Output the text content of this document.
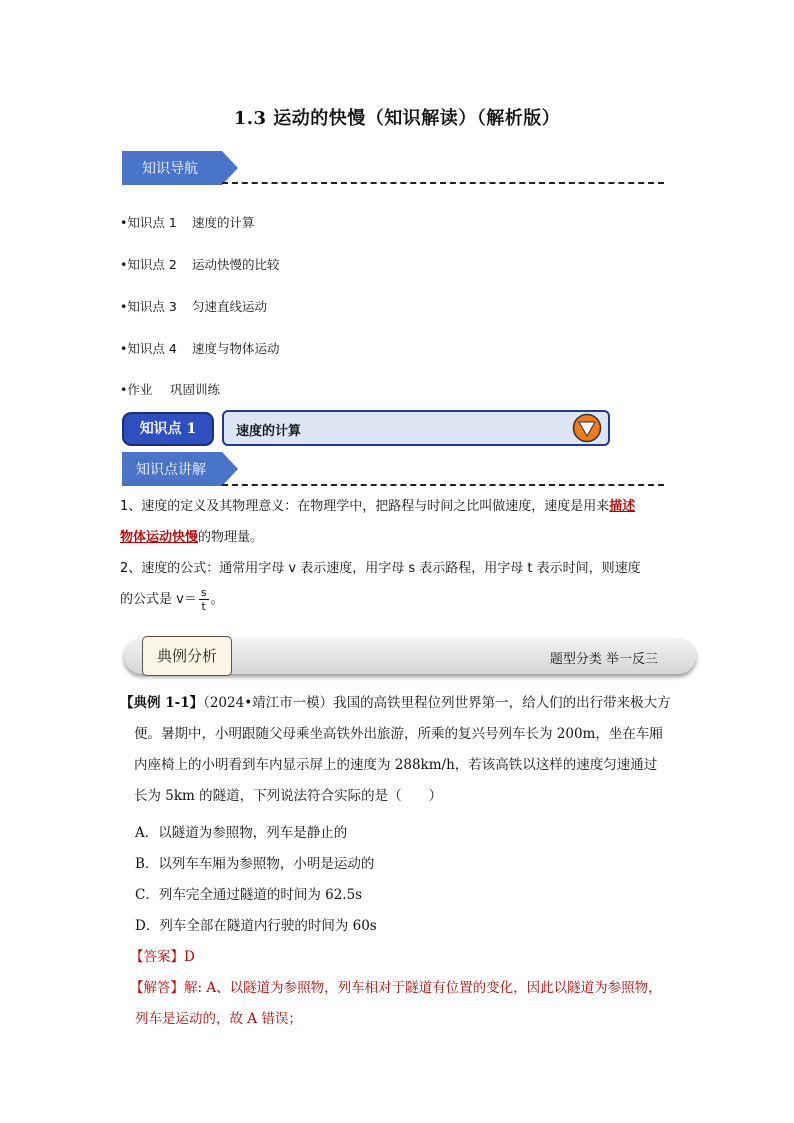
1.3 运动的快慢（知识解读）（解析版）
知识导航
•知识点 1 速度的计算
•知识点 2 运动快慢的比较
•知识点 3 匀速直线运动
•知识点 4 速度与物体运动
•作业 巩固训练
知识点 1	速度的计算
知识点讲解
1、速度的定义及其物理意义：在物理学中，把路程与时间之比叫做速度，速度是用来描述
物体运动快慢的物理量。
2、速度的公式：通常用字母 v 表示速度，用字母 s 表示路程，用字母 t 表示时间，则速度
的公式是 $v= \frac{s}{t}$ 。
典例分析	题型分类 举一反三
【典例 1-1】（2024•靖江市一模）我国的高铁里程位列世界第一，给人们的出行带来极大方
便。暑期中，小明跟随父母乘坐高铁外出旅游，所乘的复兴号列车长为 200m，坐在车厢
内座椅上的小明看到车内显示屏上的速度为 288km/h，若该高铁以这样的速度匀速通过
长为 5km 的隧道，下列说法符合实际的是（　　）
A．以隧道为参照物，列车是静止的
B．以列车车厢为参照物，小明是运动的
C．列车完全通过隧道的时间为 62.5s
D．列车全部在隧道内行驶的时间为 60s
【答案】D
【解答】解: A、以隧道为参照物，列车相对于隧道有位置的变化，因此以隧道为参照物，
列车是运动的，故 A 错误；
